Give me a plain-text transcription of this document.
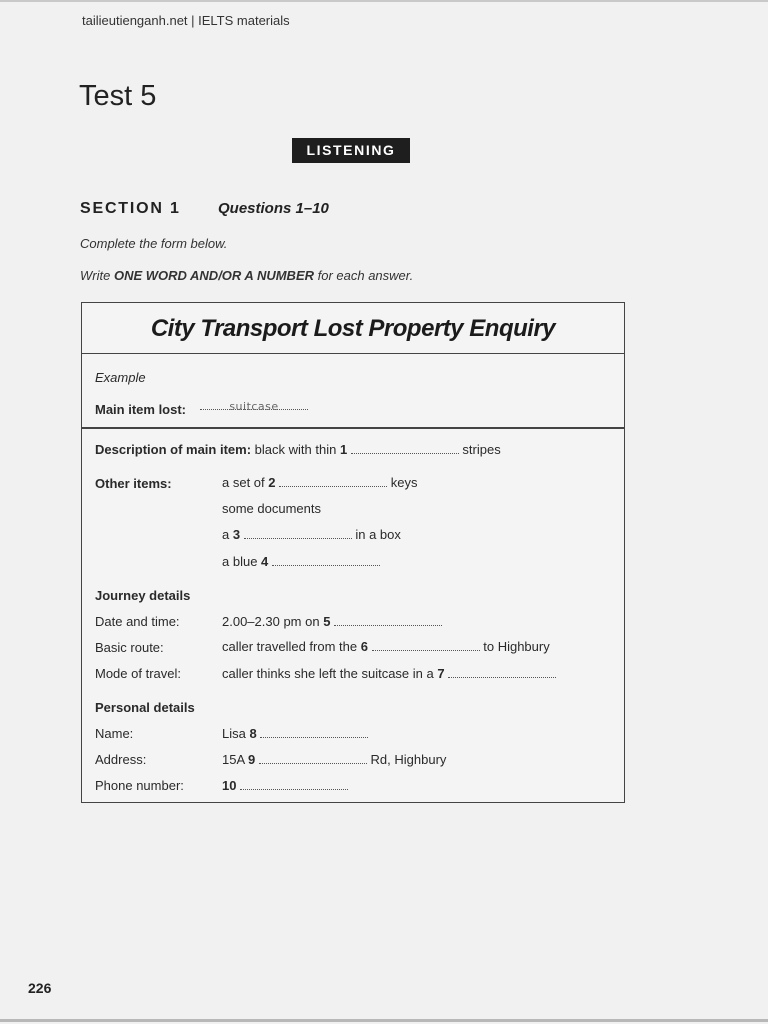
tailieutienganh.net | IELTS materials
Test 5
LISTENING
SECTION 1 Questions 1–10
Complete the form below.
Write ONE WORD AND/OR A NUMBER for each answer.
City Transport Lost Property Enquiry
Example
Main item lost:	suitcase
Description of main item: black with thin 1	stripes
Other items:	a set of 2	keys
some documents
a 3	in a box
a blue 4
Journey details
Date and time:	2.00–2.30 pm on 5
Basic route:	caller travelled from the 6	to Highbury
Mode of travel:	caller thinks she left the suitcase in a 7
Personal details
Name:	Lisa 8
Address:	15A 9	Rd, Highbury
Phone number:	10
226
